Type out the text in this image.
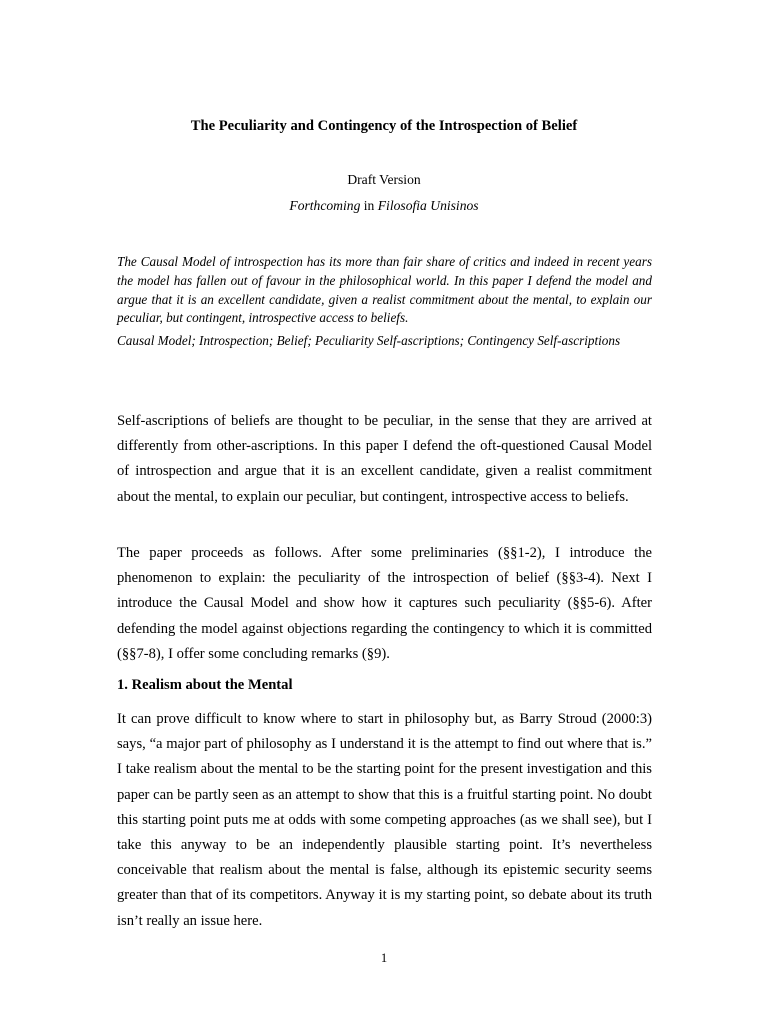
The Peculiarity and Contingency of the Introspection of Belief
Draft Version
Forthcoming in Filosofia Unisinos
The Causal Model of introspection has its more than fair share of critics and indeed in recent years the model has fallen out of favour in the philosophical world. In this paper I defend the model and argue that it is an excellent candidate, given a realist commitment about the mental, to explain our peculiar, but contingent, introspective access to beliefs.
Causal Model; Introspection; Belief; Peculiarity Self-ascriptions; Contingency Self-ascriptions
Self-ascriptions of beliefs are thought to be peculiar, in the sense that they are arrived at differently from other-ascriptions. In this paper I defend the oft-questioned Causal Model of introspection and argue that it is an excellent candidate, given a realist commitment about the mental, to explain our peculiar, but contingent, introspective access to beliefs.
The paper proceeds as follows. After some preliminaries (§§1-2), I introduce the phenomenon to explain: the peculiarity of the introspection of belief (§§3-4). Next I introduce the Causal Model and show how it captures such peculiarity (§§5-6). After defending the model against objections regarding the contingency to which it is committed (§§7-8), I offer some concluding remarks (§9).
1. Realism about the Mental
It can prove difficult to know where to start in philosophy but, as Barry Stroud (2000:3) says, “a major part of philosophy as I understand it is the attempt to find out where that is.” I take realism about the mental to be the starting point for the present investigation and this paper can be partly seen as an attempt to show that this is a fruitful starting point. No doubt this starting point puts me at odds with some competing approaches (as we shall see), but I take this anyway to be an independently plausible starting point. It’s nevertheless conceivable that realism about the mental is false, although its epistemic security seems greater than that of its competitors. Anyway it is my starting point, so debate about its truth isn’t really an issue here.
1
